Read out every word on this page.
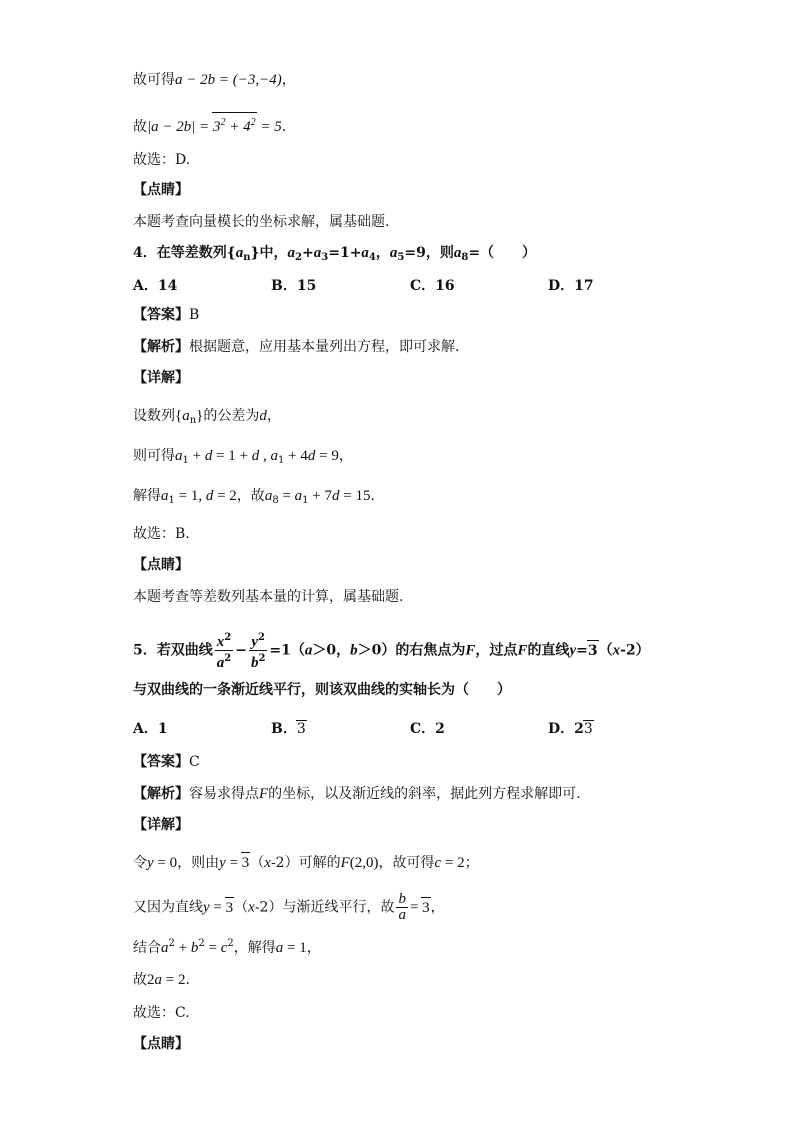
故可得a − 2b = (−3,−4)，
故$|a - 2b| = 3^2 + 4^2 = 5$.
故选：D.
【点睛】
本题考查向量模长的坐标求解，属基础题.
4．在等差数列$\{a_n\}$中，$a_2+a_3=1+a_4$，$a_5=9$，则$a_8=$（　　）
A．14	B．15	C．16	D．17
【答案】B
【解析】根据题意，应用基本量列出方程，即可求解.
【详解】
设数列$\{a_n\}$的公差为d，
则可得$a_1 + d = 1 + d$ , $a_1 + 4d = 9$，
解得$a_1 = 1$, d = 2，故$a_8 = a_1 + 7d = 15$.
故选：B.
【点睛】
本题考查等差数列基本量的计算，属基础题.
5．若双曲线 $\frac{x^2}{a^2} - \frac{y^2}{b^2} =1(a>0$，b＞0）的右焦点为F，过点F的直线y=3（x-2）
与双曲线的一条渐近线平行，则该双曲线的实轴长为（　　）
A．1	B．3	C．2	D．23
【答案】C
【解析】容易求得点F的坐标，以及渐近线的斜率，据此列方程求解即可.
【详解】
令y = 0，则由y = 3（x-2）可解的F(2,0)，故可得c = 2；
又因为直线y = 3（x-2）与渐近线平行，故 $\frac{b}{a} = 3$，
结合$a^2 + b^2 = c^2$，解得a = 1，
故2a = 2.
故选：C.
【点睛】
